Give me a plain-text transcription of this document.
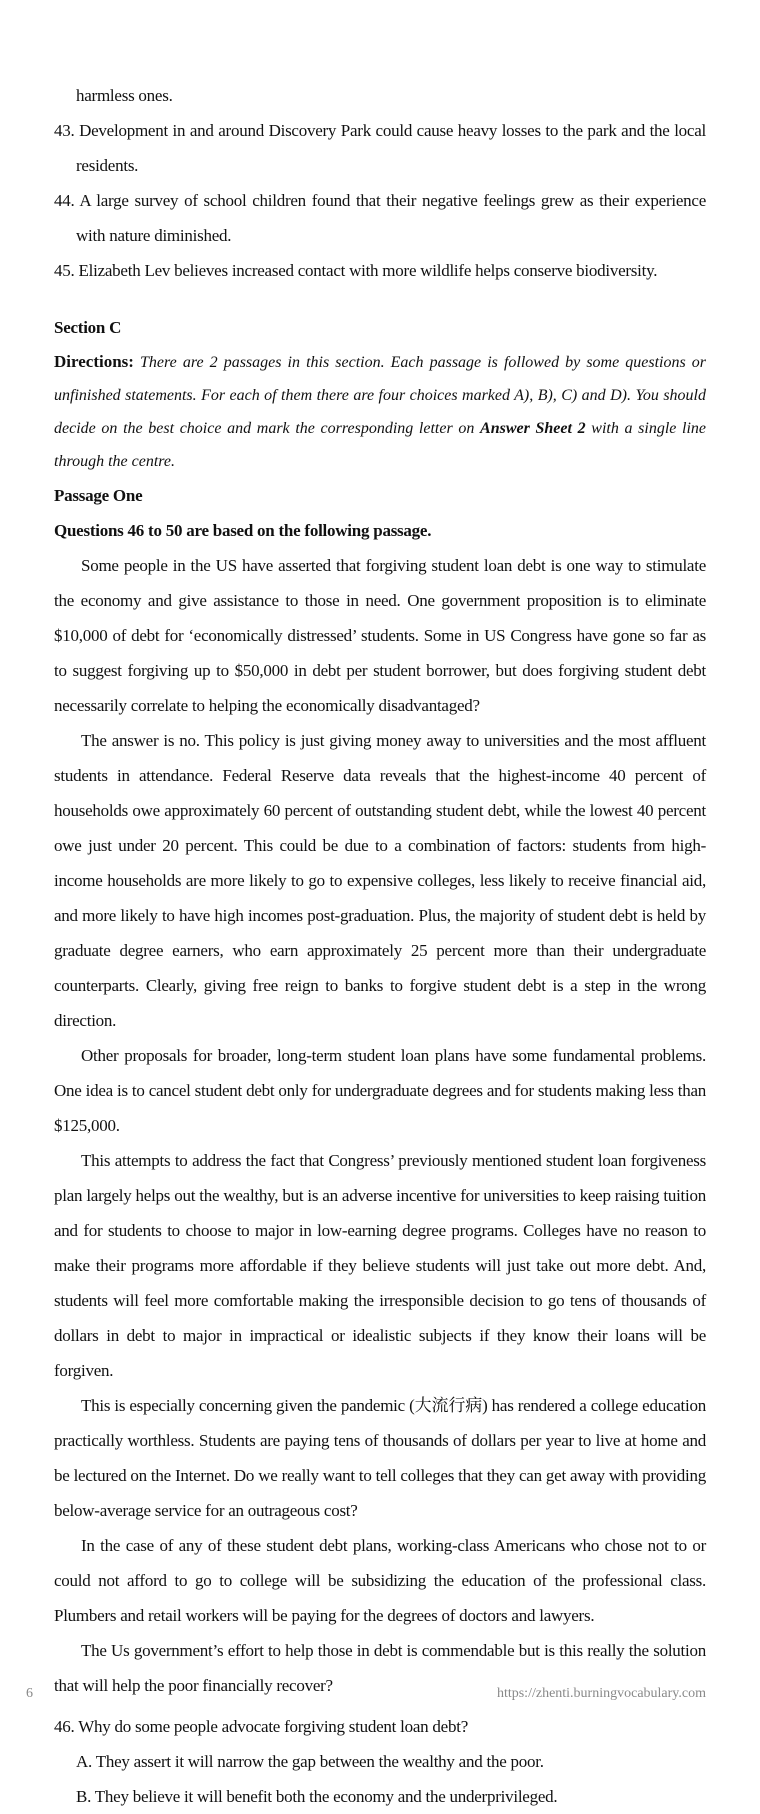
harmless ones.

43. Development in and around Discovery Park could cause heavy losses to the park and the local residents.

44. A large survey of school children found that their negative feelings grew as their experience with nature diminished.

45. Elizabeth Lev believes increased contact with more wildlife helps conserve biodiversity.

Section C

Directions: There are 2 passages in this section. Each passage is followed by some questions or unfinished statements. For each of them there are four choices marked A), B), C) and D). You should decide on the best choice and mark the corresponding letter on Answer Sheet 2 with a single line through the centre.

Passage One

Questions 46 to 50 are based on the following passage.

Some people in the US have asserted that forgiving student loan debt is one way to stimulate the economy and give assistance to those in need. One government proposition is to eliminate $10,000 of debt for ‘economically distressed’ students. Some in US Congress have gone so far as to suggest forgiving up to $50,000 in debt per student borrower, but does forgiving student debt necessarily correlate to helping the economically disadvantaged?

The answer is no. This policy is just giving money away to universities and the most affluent students in attendance. Federal Reserve data reveals that the highest-income 40 percent of households owe approximately 60 percent of outstanding student debt, while the lowest 40 percent owe just under 20 percent. This could be due to a combination of factors: students from high-income households are more likely to go to expensive colleges, less likely to receive financial aid, and more likely to have high incomes post-graduation. Plus, the majority of student debt is held by graduate degree earners, who earn approximately 25 percent more than their undergraduate counterparts. Clearly, giving free reign to banks to forgive student debt is a step in the wrong direction.

Other proposals for broader, long-term student loan plans have some fundamental problems. One idea is to cancel student debt only for undergraduate degrees and for students making less than $125,000.

This attempts to address the fact that Congress’ previously mentioned student loan forgiveness plan largely helps out the wealthy, but is an adverse incentive for universities to keep raising tuition and for students to choose to major in low-earning degree programs. Colleges have no reason to make their programs more affordable if they believe students will just take out more debt. And, students will feel more comfortable making the irresponsible decision to go tens of thousands of dollars in debt to major in impractical or idealistic subjects if they know their loans will be forgiven.

This is especially concerning given the pandemic (大流行病) has rendered a college education practically worthless. Students are paying tens of thousands of dollars per year to live at home and be lectured on the Internet. Do we really want to tell colleges that they can get away with providing below-average service for an outrageous cost?

In the case of any of these student debt plans, working-class Americans who chose not to or could not afford to go to college will be subsidizing the education of the professional class. Plumbers and retail workers will be paying for the degrees of doctors and lawyers.

The Us government’s effort to help those in debt is commendable but is this really the solution that will help the poor financially recover?

46. Why do some people advocate forgiving student loan debt?

A. They assert it will narrow the gap between the wealthy and the poor.

B. They believe it will benefit both the economy and the underprivileged.

6	https://zhenti.burningvocabulary.com
